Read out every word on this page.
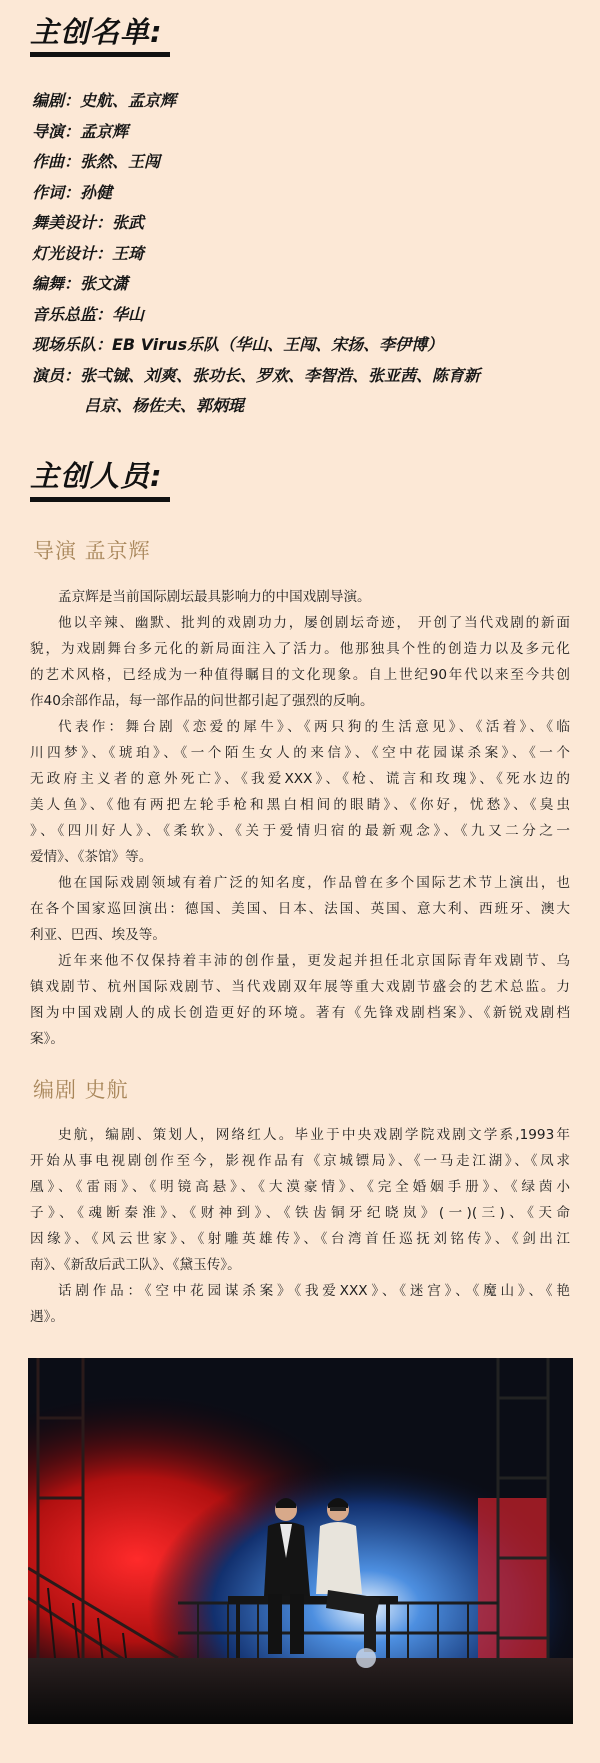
主创名单:
编剧：史航、孟京辉
导演：孟京辉
作曲：张然、王闯
作词：孙健
舞美设计：张武
灯光设计：王琦
编舞：张文潇
音乐总监：华山
现场乐队：EB Virus乐队（华山、王闯、宋扬、李伊博）
演员：张弌铖、刘爽、张功长、罗欢、李智浩、张亚茜、陈育新
吕京、杨佐夫、郭炳琨
主创人员:
导演 孟京辉
孟京辉是当前国际剧坛最具影响力的中国戏剧导演。
他以辛辣、幽默、批判的戏剧功力，屡创剧坛奇迹， 开创了当代戏剧的新面
貌，为戏剧舞台多元化的新局面注入了活力。他那独具个性的创造力以及多元化
的艺术风格，已经成为一种值得瞩目的文化现象。自上世纪90年代以来至今共创
作40余部作品，每一部作品的问世都引起了强烈的反响。
代表作：舞台剧《恋爱的犀牛》、《两只狗的生活意见》、《活着》、《临
川四梦》、《琥珀》、《一个陌生女人的来信》、《空中花园谋杀案》、《一个
无政府主义者的意外死亡》、《我爱XXX》、《枪、谎言和玫瑰》、《死水边的
美人鱼》、《他有两把左轮手枪和黑白相间的眼睛》、《你好，忧愁》、《臭虫
》、《四川好人》、《柔软》、《关于爱情归宿的最新观念》、《九又二分之一
爱情》、《茶馆》等。
他在国际戏剧领域有着广泛的知名度，作品曾在多个国际艺术节上演出，也
在各个国家巡回演出：德国、美国、日本、法国、英国、意大利、西班牙、澳大
利亚、巴西、埃及等。
近年来他不仅保持着丰沛的创作量，更发起并担任北京国际青年戏剧节、乌
镇戏剧节、杭州国际戏剧节、当代戏剧双年展等重大戏剧节盛会的艺术总监。力
图为中国戏剧人的成长创造更好的环境。著有《先锋戏剧档案》、《新锐戏剧档
案》。
编剧 史航
史航，编剧、策划人，网络红人。毕业于中央戏剧学院戏剧文学系,1993年
开始从事电视剧创作至今，影视作品有《京城镖局》、《一马走江湖》、《凤求
凰》、《雷雨》、《明镜高悬》、《大漠豪情》、《完全婚姻手册》、《绿茵小
子》、《魂断秦淮》、《财神到》、《铁齿铜牙纪晓岚》(一)(三)、《天命
因缘》、《风云世家》、《射雕英雄传》、《台湾首任巡抚刘铭传》、《剑出江
南》、《新敌后武工队》、《黛玉传》。
话剧作品：《空中花园谋杀案》《我爱XXX》、《迷宫》、《魔山》、《艳
遇》。
